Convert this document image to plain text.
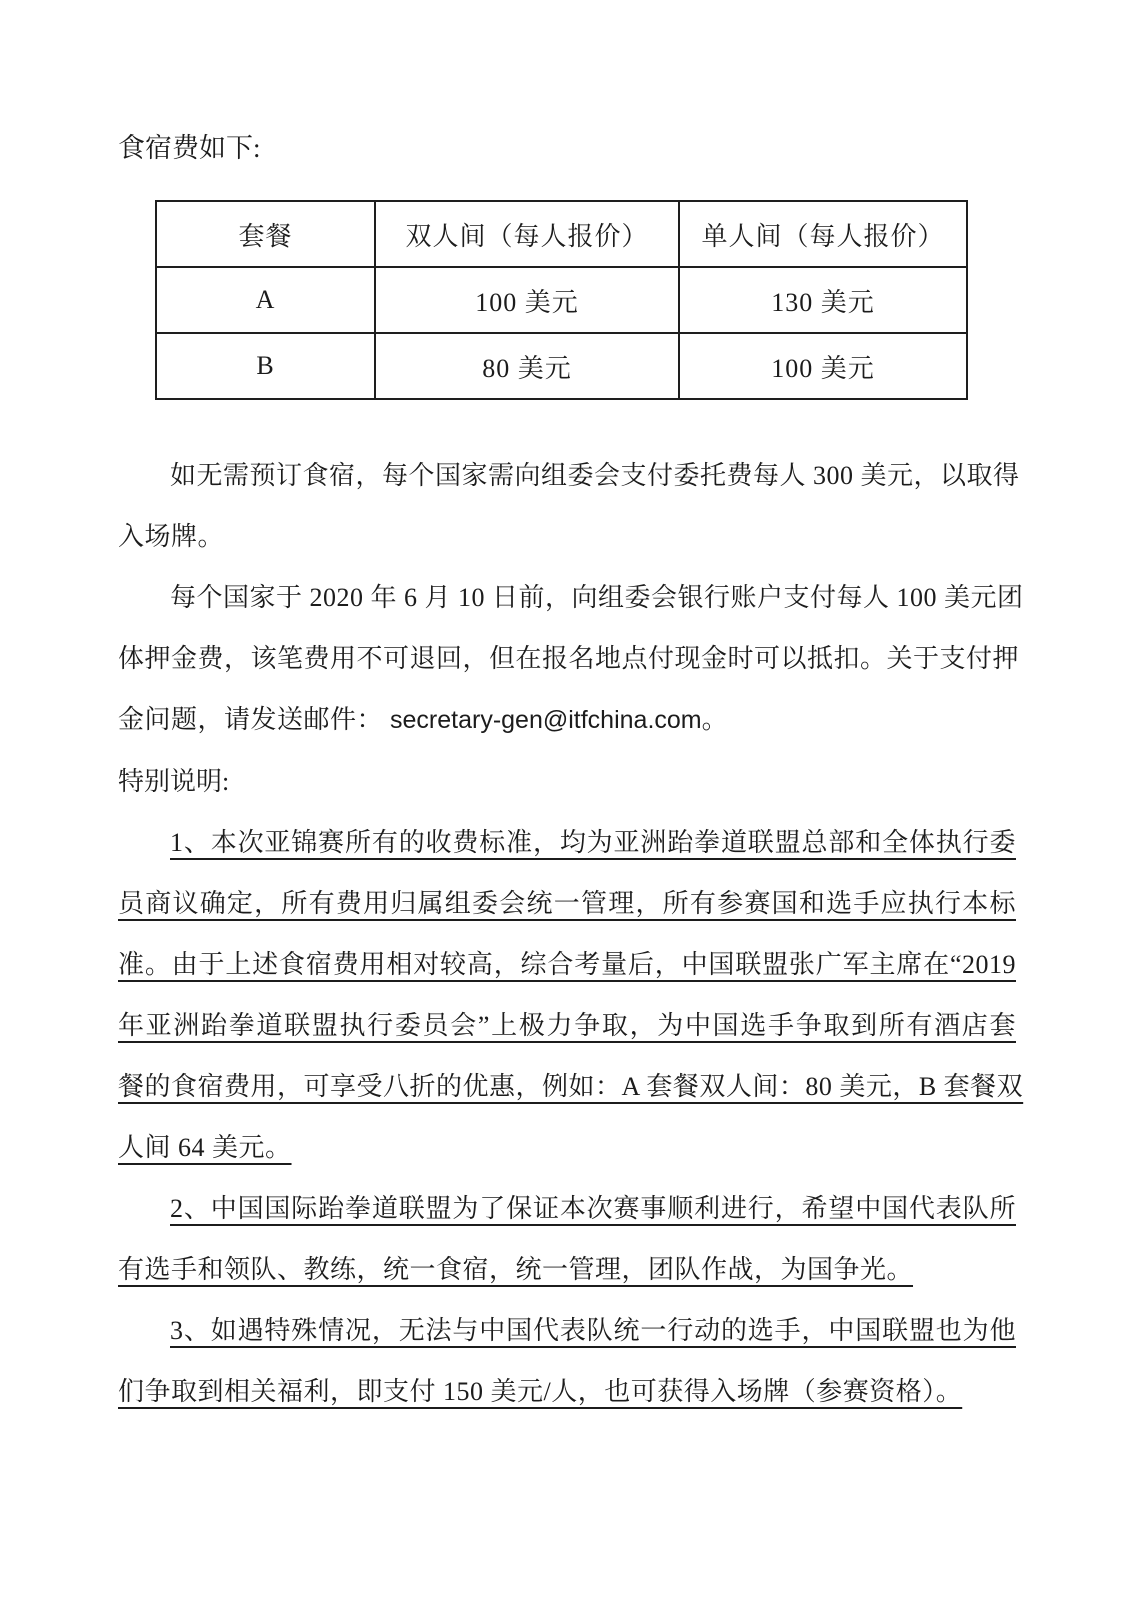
食宿费如下:
套餐	双人间（每人报价）	单人间（每人报价）
A	100 美元	130 美元
B	80 美元	100 美元
如无需预订食宿，每个国家需向组委会支付委托费每人 300 美元，以取得
入场牌。
每个国家于 2020 年 6 月 10 日前，向组委会银行账户支付每人 100 美元团
体押金费，该笔费用不可退回，但在报名地点付现金时可以抵扣。关于支付押
金问题，请发送邮件： secretary-gen@itfchina.com。
特别说明:
1、本次亚锦赛所有的收费标准，均为亚洲跆拳道联盟总部和全体执行委
员商议确定，所有费用归属组委会统一管理，所有参赛国和选手应执行本标
准。由于上述食宿费用相对较高，综合考量后，中国联盟张广军主席在“2019
年亚洲跆拳道联盟执行委员会”上极力争取，为中国选手争取到所有酒店套
餐的食宿费用，可享受八折的优惠，例如：A 套餐双人间：80 美元，B 套餐双
人间 64 美元。
2、中国国际跆拳道联盟为了保证本次赛事顺利进行，希望中国代表队所
有选手和领队、教练，统一食宿，统一管理，团队作战，为国争光。
3、如遇特殊情况，无法与中国代表队统一行动的选手，中国联盟也为他
们争取到相关福利，即支付 150 美元/人，也可获得入场牌（参赛资格）。
